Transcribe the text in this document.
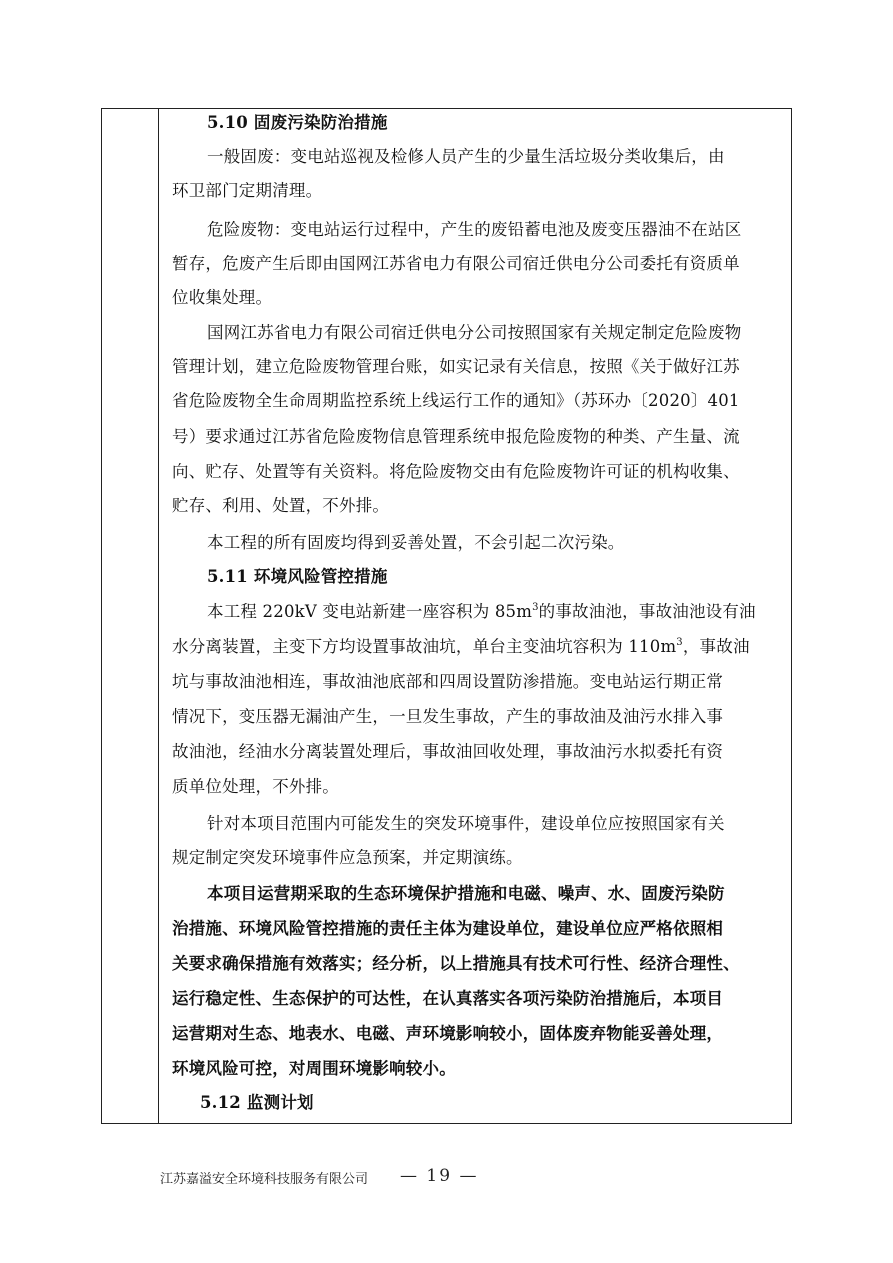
5.10 固废污染防治措施
一般固废：变电站巡视及检修人员产生的少量生活垃圾分类收集后，由
环卫部门定期清理。
危险废物：变电站运行过程中，产生的废铅蓄电池及废变压器油不在站区
暂存，危废产生后即由国网江苏省电力有限公司宿迁供电分公司委托有资质单
位收集处理。
国网江苏省电力有限公司宿迁供电分公司按照国家有关规定制定危险废物
管理计划，建立危险废物管理台账，如实记录有关信息，按照《关于做好江苏
省危险废物全生命周期监控系统上线运行工作的通知》（苏环办〔2020〕401
号）要求通过江苏省危险废物信息管理系统申报危险废物的种类、产生量、流
向、贮存、处置等有关资料。将危险废物交由有危险废物许可证的机构收集、
贮存、利用、处置，不外排。
本工程的所有固废均得到妥善处置，不会引起二次污染。
5.11 环境风险管控措施
本工程 220kV 变电站新建一座容积为 $85m^3$的事故油池，事故油池设有油
水分离装置，主变下方均设置事故油坑，单台主变油坑容积为 $110m^3$，事故油
坑与事故油池相连，事故油池底部和四周设置防渗措施。变电站运行期正常
情况下，变压器无漏油产生，一旦发生事故，产生的事故油及油污水排入事
故油池，经油水分离装置处理后，事故油回收处理，事故油污水拟委托有资
质单位处理，不外排。
针对本项目范围内可能发生的突发环境事件，建设单位应按照国家有关
规定制定突发环境事件应急预案，并定期演练。
本项目运营期采取的生态环境保护措施和电磁、噪声、水、固废污染防
治措施、环境风险管控措施的责任主体为建设单位，建设单位应严格依照相
关要求确保措施有效落实；经分析，以上措施具有技术可行性、经济合理性、
运行稳定性、生态保护的可达性，在认真落实各项污染防治措施后，本项目
运营期对生态、地表水、电磁、声环境影响较小，固体废弃物能妥善处理，
环境风险可控，对周围环境影响较小。
5.12 监测计划
江苏嘉溢安全环境科技服务有限公司 — 19 —
